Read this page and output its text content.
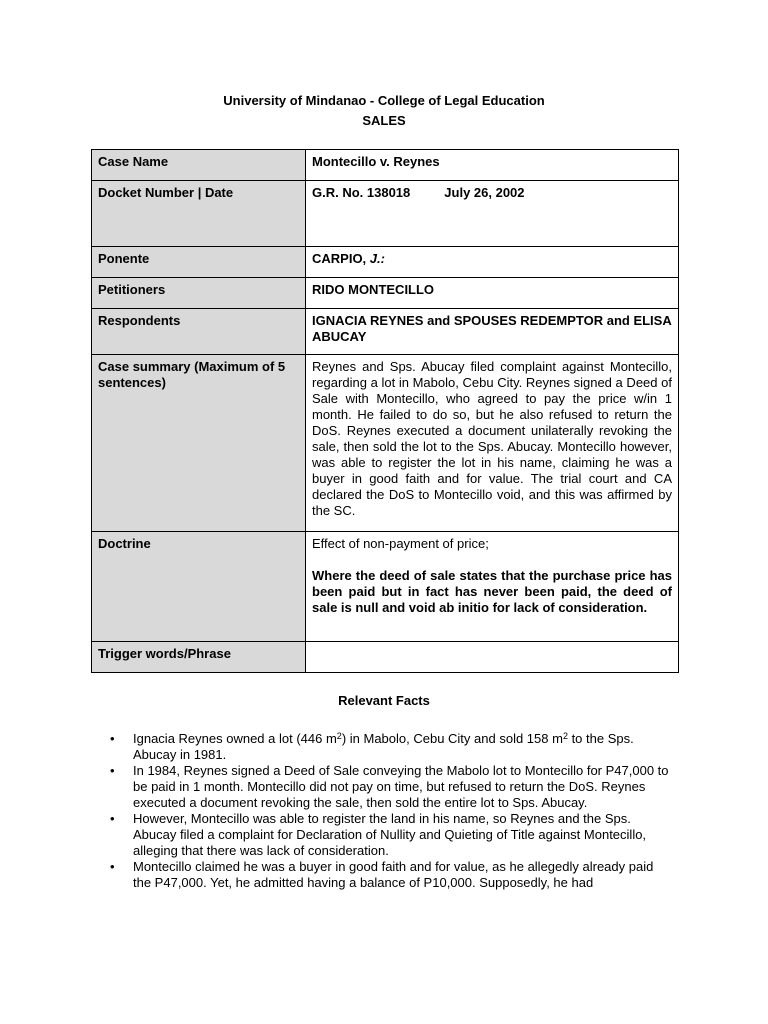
University of Mindanao - College of Legal Education
SALES
Case Name	Montecillo v. Reynes
Docket Number | Date	G.R. No. 138018 July 26, 2002
Ponente	CARPIO, J.:
Petitioners	RIDO MONTECILLO
Respondents	IGNACIA REYNES and SPOUSES REDEMPTOR and ELISA ABUCAY
Case summary (Maximum of 5 sentences)	Reynes and Sps. Abucay filed complaint against Montecillo, regarding a lot in Mabolo, Cebu City. Reynes signed a Deed of Sale with Montecillo, who agreed to pay the price w/in 1 month. He failed to do so, but he also refused to return the DoS. Reynes executed a document unilaterally revoking the sale, then sold the lot to the Sps. Abucay. Montecillo however, was able to register the lot in his name, claiming he was a buyer in good faith and for value. The trial court and CA declared the DoS to Montecillo void, and this was affirmed by the SC.
Doctrine	Effect of non-payment of price;
Where the deed of sale states that the purchase price has been paid but in fact has never been paid, the deed of sale is null and void ab initio for lack of consideration.

Trigger words/Phrase	
Relevant Facts
• Ignacia Reynes owned a lot (446 $m^2$) in Mabolo, Cebu City and sold 158 $m^2$ to the Sps. Abucay in 1981.
• In 1984, Reynes signed a Deed of Sale conveying the Mabolo lot to Montecillo for P47,000 to be paid in 1 month. Montecillo did not pay on time, but refused to return the DoS. Reynes executed a document revoking the sale, then sold the entire lot to Sps. Abucay.
• However, Montecillo was able to register the land in his name, so Reynes and the Sps. Abucay filed a complaint for Declaration of Nullity and Quieting of Title against Montecillo, alleging that there was lack of consideration.
• Montecillo claimed he was a buyer in good faith and for value, as he allegedly already paid the P47,000. Yet, he admitted having a balance of P10,000. Supposedly, he had
